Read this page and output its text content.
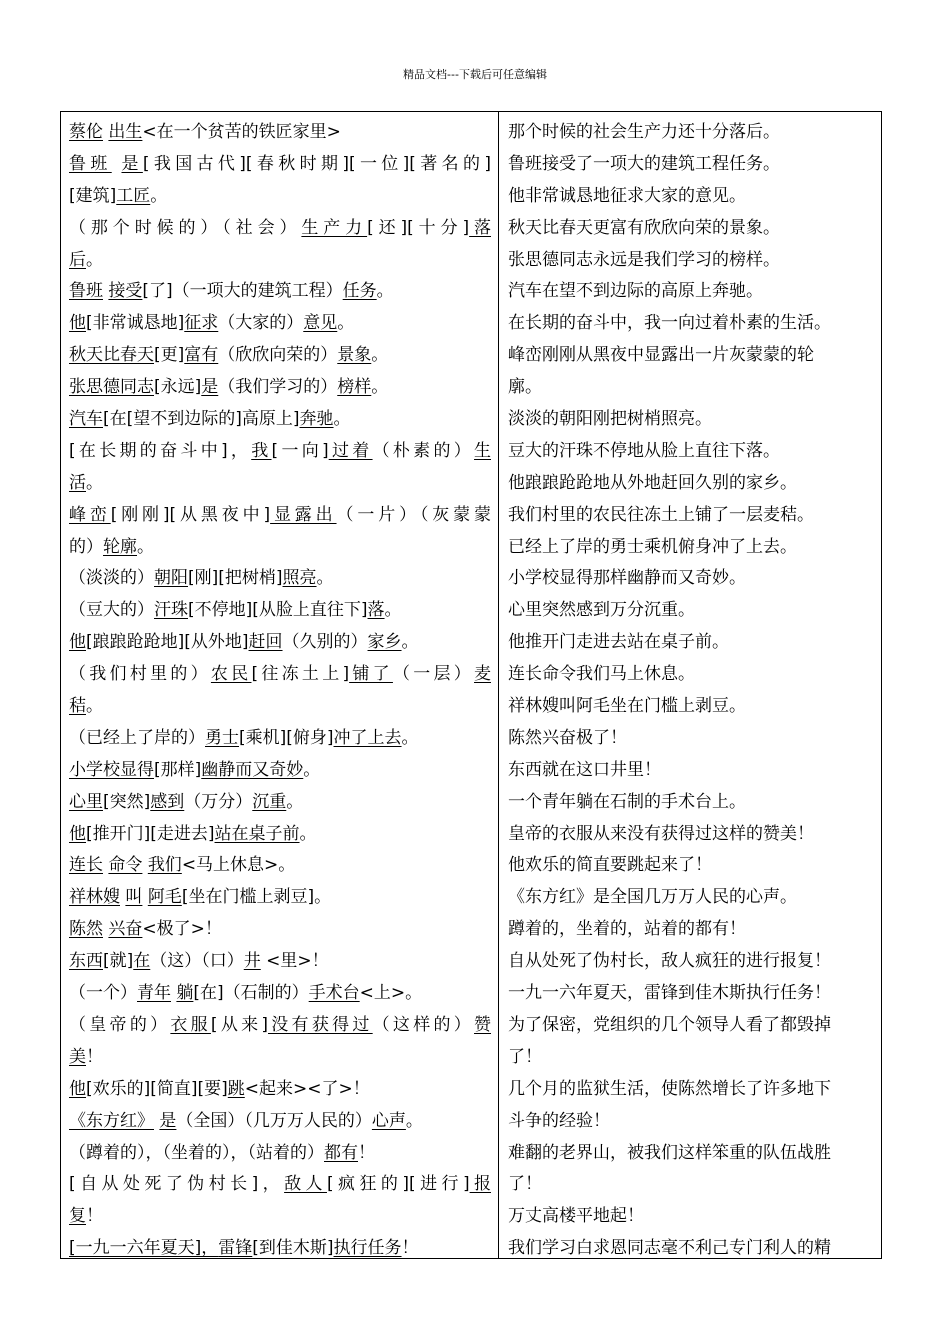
精品文档---下载后可任意编辑
蔡伦 出生<在一个贫苦的铁匠家里>
鲁班 是[我国古代][春秋时期][一位][著名的]
[建筑]工匠。
（那个时候的）（社会）生产力[还][十分]落
后。
鲁班 接受[了]（一项大的建筑工程）任务。
他[非常诚恳地]征求（大家的）意见。
秋天比春天[更]富有（欣欣向荣的）景象。
张思德同志[永远]是（我们学习的）榜样。
汽车[在[望不到边际的]高原上]奔驰。
[在长期的奋斗中]，我[一向]过着（朴素的）生
活。
峰峦[刚刚][从黑夜中]显露出（一片）（灰蒙蒙
的）轮廓。
（淡淡的）朝阳[刚][把树梢]照亮。
（豆大的）汗珠[不停地][从脸上直往下]落。
他[踉踉跄跄地][从外地]赶回（久别的）家乡。
（我们村里的）农民[往冻土上]铺了（一层）麦
秸。
（已经上了岸的）勇士[乘机][俯身]冲了上去。
小学校显得[那样]幽静而又奇妙。
心里[突然]感到（万分）沉重。
他[推开门][走进去]站在桌子前。
连长 命令 我们<马上休息>。
祥林嫂 叫 阿毛[坐在门槛上剥豆]。
陈然 兴奋<极了>！
东西[就]在（这）（口）井 <里>！
（一个）青年 躺[在]（石制的）手术台<上>。
（皇帝的）衣服[从来]没有获得过（这样的）赞
美！
他[欢乐的][简直][要]跳<起来><了>！
《东方红》 是（全国）（几万万人民的）心声。
（蹲着的），（坐着的），（站着的）都有！
[自从处死了伪村长]，敌人[疯狂的][进行]报
复！
[一九一六年夏天]，雷锋[到佳木斯]执行任务！
那个时候的社会生产力还十分落后。
鲁班接受了一项大的建筑工程任务。
他非常诚恳地征求大家的意见。
秋天比春天更富有欣欣向荣的景象。
张思德同志永远是我们学习的榜样。
汽车在望不到边际的高原上奔驰。
在长期的奋斗中，我一向过着朴素的生活。
峰峦刚刚从黑夜中显露出一片灰蒙蒙的轮
廓。
淡淡的朝阳刚把树梢照亮。
豆大的汗珠不停地从脸上直往下落。
他踉踉跄跄地从外地赶回久别的家乡。
我们村里的农民往冻土上铺了一层麦秸。
已经上了岸的勇士乘机俯身冲了上去。
小学校显得那样幽静而又奇妙。
心里突然感到万分沉重。
他推开门走进去站在桌子前。
连长命令我们马上休息。
祥林嫂叫阿毛坐在门槛上剥豆。
陈然兴奋极了！
东西就在这口井里！
一个青年躺在石制的手术台上。
皇帝的衣服从来没有获得过这样的赞美！
他欢乐的简直要跳起来了！
《东方红》是全国几万万人民的心声。
蹲着的，坐着的，站着的都有！
自从处死了伪村长，敌人疯狂的进行报复！
一九一六年夏天，雷锋到佳木斯执行任务！
为了保密，党组织的几个领导人看了都毁掉
了！
几个月的监狱生活，使陈然增长了许多地下
斗争的经验！
难翻的老界山，被我们这样笨重的队伍战胜
了！
万丈高楼平地起！
我们学习白求恩同志毫不利己专门利人的精
